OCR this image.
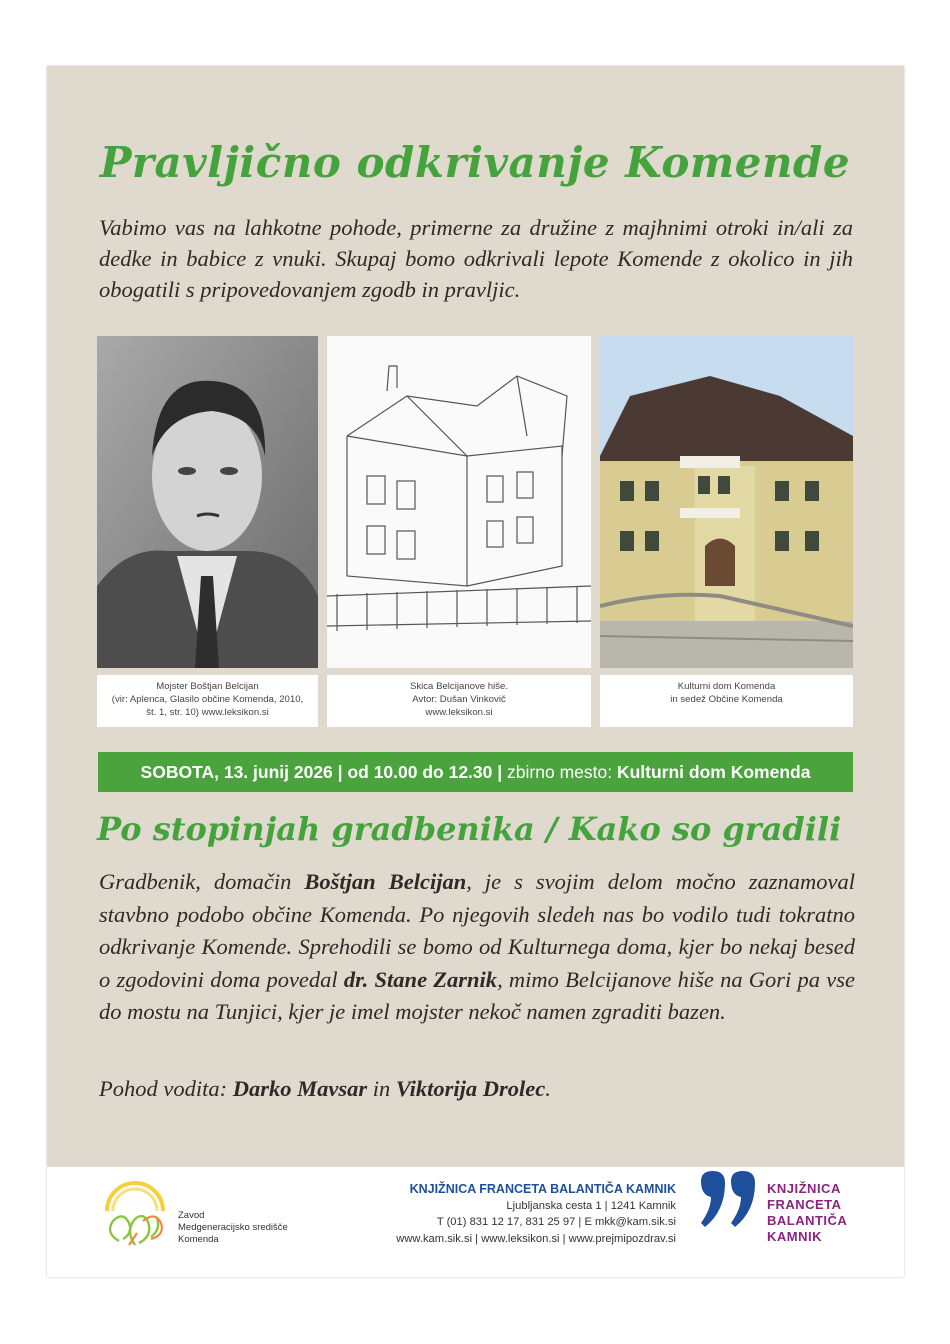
Pravljično odkrivanje Komende

Vabimo vas na lahkotne pohode, primerne za družine z majhnimi otroki in/ali za dedke in babice z vnuki. Skupaj bomo odkrivali lepote Komende z okolico in jih obogatili s pripovedovanjem zgodb in pravljic.

Mojster Boštjan Belcijan
(vir: Aplenca, Glasilo občine Komenda, 2010,
št. 1, str. 10) www.leksikon.si
Skica Belcijanove hiše.
Avtor: Dušan Vinkovič
www.leksikon.si
Kulturni dom Komenda
in sedež Občine Komenda
SOBOTA, 13. junij 2026 | od 10.00 do 12.30 | zbirno mesto: Kulturni dom Komenda
Po stopinjah gradbenika / Kako so gradili

Gradbenik, domačin Boštjan Belcijan, je s svojim delom močno zaznamoval stavbno podobo občine Komenda. Po njegovih sledeh nas bo vodilo tudi tokratno odkrivanje Komende. Sprehodili se bomo od Kulturnega doma, kjer bo nekaj besed o zgodovini doma povedal dr. Stane Zarnik, mimo Belcijanove hiše na Gori pa vse do mostu na Tunjici, kjer je imel mojster nekoč namen zgraditi bazen.

Pohod vodita: Darko Mavsar in Viktorija Drolec.

Zavod
Medgeneracijsko središče
Komenda
KNJIŽNICA FRANCETA BALANTIČA KAMNIK
Ljubljanska cesta 1 | 1241 Kamnik
T (01) 831 12 17, 831 25 97 | E mkk@kam.sik.si
www.kam.sik.si | www.leksikon.si | www.prejmipozdrav.si
KNJIŽNICA
FRANCETA
BALANTIČA
KAMNIK
